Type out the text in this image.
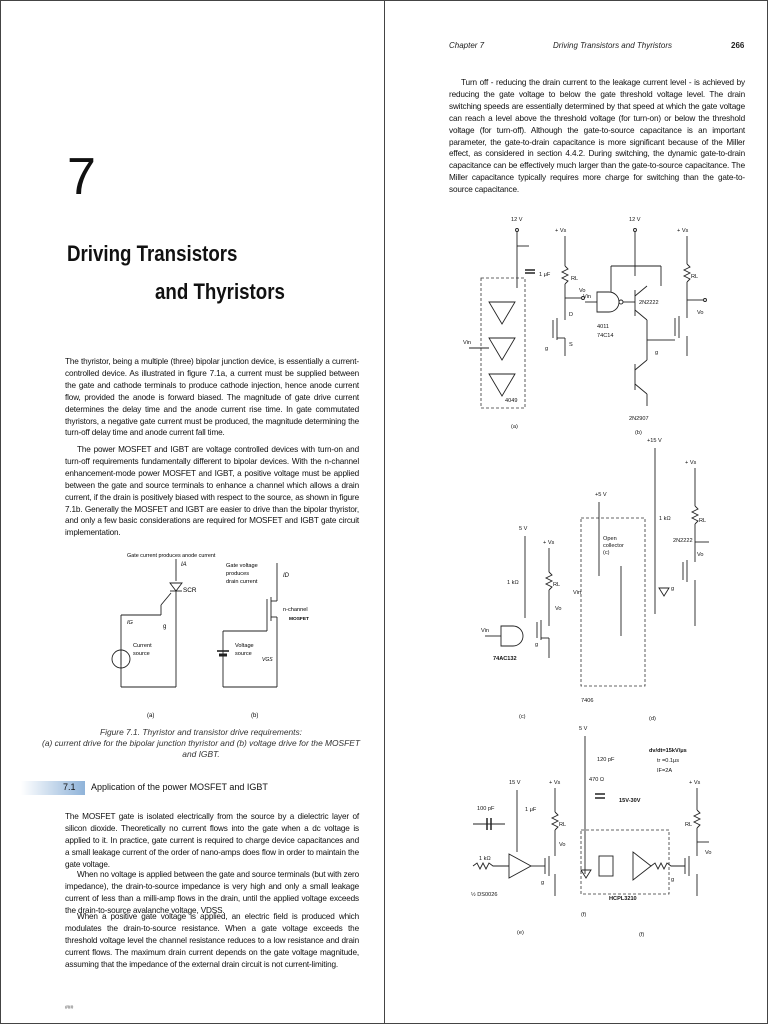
7
Driving Transistors
and Thyristors
The thyristor, being a multiple (three) bipolar junction device, is essentially a current-controlled device. As illustrated in figure 7.1a, a current must be supplied between the gate and cathode terminals to produce cathode injection, hence anode current flow, provided the anode is forward biased. The magnitude of gate drive current determines the delay time and the anode current rise time. In gate commutated thyristors, a negative gate current must be produced, the magnitude determining the turn-off delay time and anode current fall time.
The power MOSFET and IGBT are voltage controlled devices with turn-on and turn-off requirements fundamentally different to bipolar devices. With the n-channel enhancement-mode power MOSFET and IGBT, a positive voltage must be applied between the gate and source terminals to enhance a channel which allows a drain current, if the drain is positively biased with respect to the source, as shown in figure 7.1b. Generally the MOSFET and IGBT are easier to drive than the bipolar thyristor, and only a few basic considerations are required for MOSFET and IGBT gate circuit implementation.
Gate current produces anode current
IA
SCR
IG
g
Current source
(a)
Gate voltage produces drain current
ID
n-channel
MOSFET
Voltage source
VGS
(b)
Figure 7.1. Thyristor and transistor drive requirements:
(a) current drive for the bipolar junction thyristor and (b) voltage drive for the MOSFET and IGBT.
7.1 Application of the power MOSFET and IGBT
The MOSFET gate is isolated electrically from the source by a dielectric layer of silicon dioxide. Theoretically no current flows into the gate when a dc voltage is applied to it. In practice, gate current is required to charge device capacitances and a small leakage current of the order of nano-amps does flow in order to maintain the gate voltage.
When no voltage is applied between the gate and source terminals (but with zero impedance), the drain-to-source impedance is very high and only a small leakage current of less than a milli-amp flows in the drain, until the applied voltage exceeds the drain-to-source avalanche voltage, VDSS.
When a positive gate voltage is applied, an electric field is produced which modulates the drain-to-source resistance. When a gate voltage exceeds the threshold voltage level the channel resistance reduces to a low resistance and drain current flows. The maximum drain current depends on the gate voltage magnitude, assuming that the impedance of the external drain circuit is not current-limiting.
###
Chapter 7	Driving Transistors and Thyristors	266
Turn off - reducing the drain current to the leakage current level - is achieved by reducing the gate voltage to below the gate threshold voltage level. The drain switching speeds are essentially determined by that speed at which the gate voltage can reach a level above the threshold voltage (for turn-on) or below the threshold voltage (for turn-off). Although the gate-to-source capacitance is an important parameter, the gate-to-drain capacitance is more significant because of the Miller effect, as considered in section 4.4.2. During switching, the dynamic gate-to-drain capacitance can be effectively much larger than the gate-to-source capacitance. The Miller capacitance typically requires more charge for switching than the gate-to-source capacitance.
12 V
1 μF
+ Vs
RL
Vo
D
S
g
Vin
4049
(a)
12 V
Vin
4011
74C14
2N2222
g
2N2907
+ Vs
RL
Vo
(b)
5 V
1 kΩ
+ Vs
RL
Vo
Vin
74AC132
g
(c)
+15 V
+5 V
Open collector (c)
Vin
1 kΩ
2N2222
+ Vs
RL
Vo
g
7406
(d)
15 V
100 pF
1 kΩ
1 μF
½ DS0026
+ Vs
RL
Vo
g
(e)
5 V
120 pF
470 Ω
dv/dt=15kV/μs
tr =0.1μs
IF=2A
15V-30V
HCPL3210
(f)
g
+ Vs
RL
Vo
(f)
